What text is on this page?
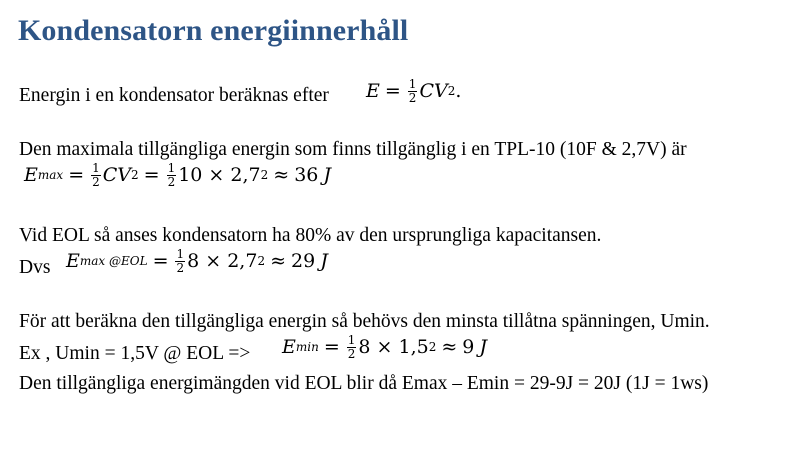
Kondensatorn energiinnerhåll
Energin i en kondensator beräknas efter $E = \frac{1}{2}$ CV 2 .
Den maximala tillgängliga energin som finns tillgänglig i en TPL-10 (10F & 2,7V) är
E $\max = \frac{1}{2}$ CV $2 = \frac{1}{2} 10 \times 2,7$ 2 ≈ 36 J
Vid EOL så anses kondensatorn ha 80% av den ursprungliga kapacitansen.
Dvs E max @EOL = $\frac{1}{2} 8 \times 2,7$ 2 ≈ 29 J
För att beräkna den tillgängliga energin så behövs den minsta tillåtna spänningen, Umin.
Ex , Umin = 1,5V @ EOL => E $\min = \frac{1}{2} 8 \times 1,5$ 2 ≈ 9 J
Den tillgängliga energimängden vid EOL blir då Emax – Emin = 29-9J = 20J (1J = 1ws)
